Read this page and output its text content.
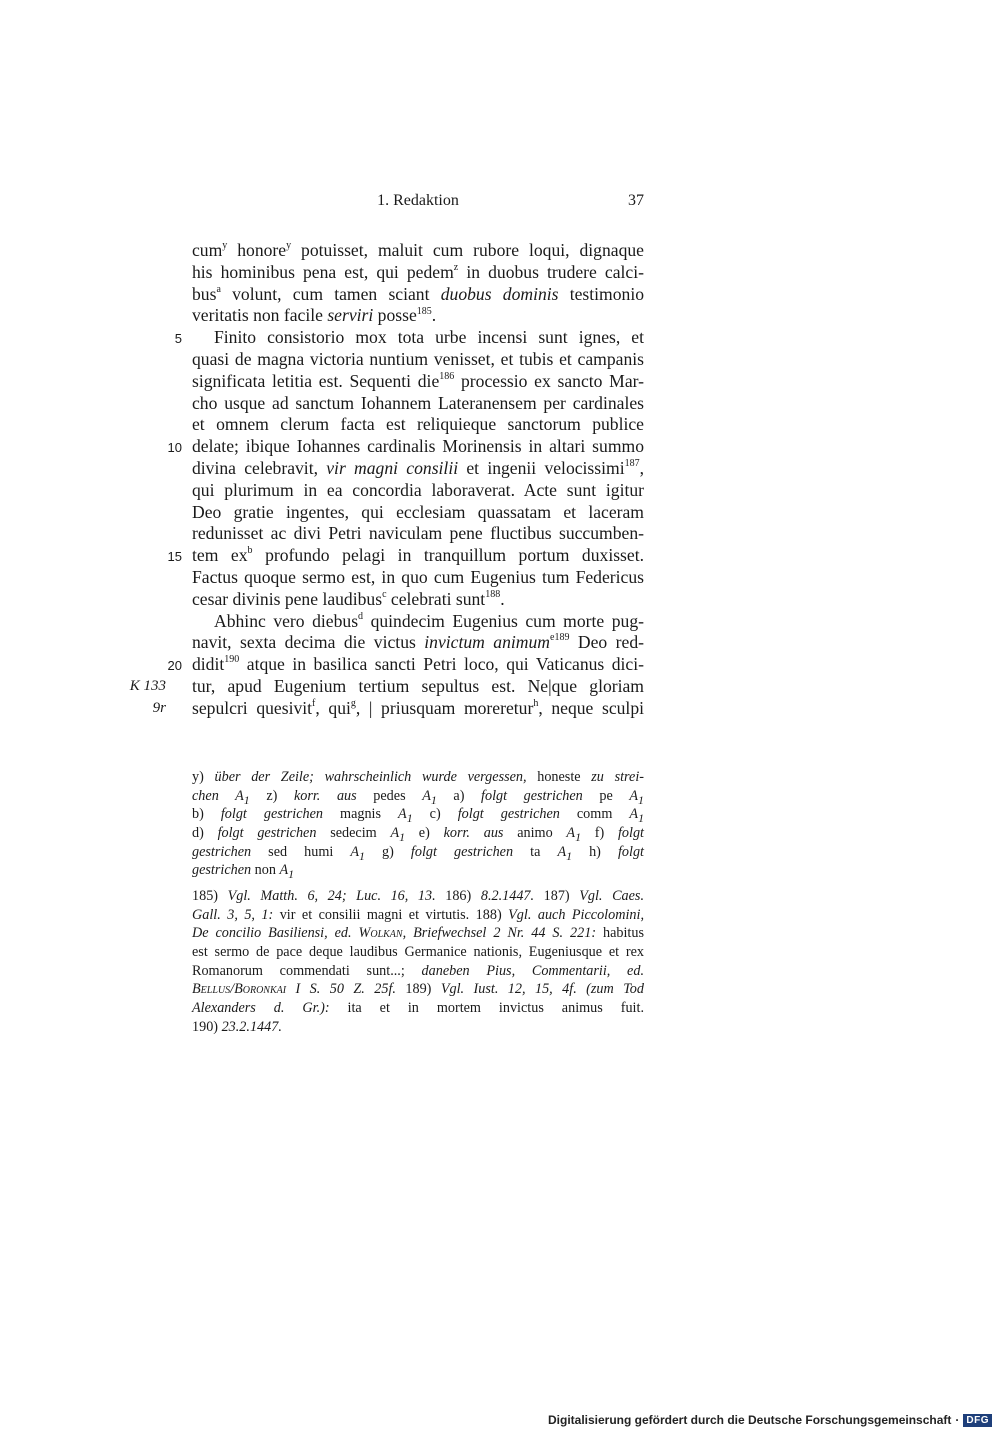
1. Redaktion	37
5
10
15
20
K 133
9r
cum$^y$ honore$^y$ potuisset, maluit cum rubore loqui, dignaque
his hominibus pena est, qui pedem$^z$ in duobus trudere calci-
bus$^a$ volunt, cum tamen sciant duobus dominis testimonio
veritatis non facile serviri posse$^{185}$.
Finito consistorio mox tota urbe incensi sunt ignes, et
quasi de magna victoria nuntium venisset, et tubis et campanis
significata letitia est. Sequenti die$^{186}$ processio ex sancto Mar-
cho usque ad sanctum Iohannem Lateranensem per cardinales
et omnem clerum facta est reliquieque sanctorum publice
delate; ibique Iohannes cardinalis Morinensis in altari summo
divina celebravit, vir magni consilii et ingenii velocissimi$^{187}$,
qui plurimum in ea concordia laboraverat. Acte sunt igitur
Deo gratie ingentes, qui ecclesiam quassatam et laceram
redunisset ac divi Petri naviculam pene fluctibus succumben-
tem $ex^b$ profundo pelagi in tranquillum portum duxisset.
Factus quoque sermo est, in quo cum Eugenius tum Federicus
cesar divinis pene laudibus$^c$ celebrati sunt$^{188}$.
Abhinc vero diebus$^d$ quindecim Eugenius cum morte pug-
navit, sexta decima die victus invictum animum$^{e189}$ Deo red-
didit$^{190}$ atque in basilica sancti Petri loco, qui Vaticanus dici-
tur, apud Eugenium tertium sepultus est. Ne|que gloriam
sepulcri quesivit$^f$, qui$^g$, | priusquam moreretur$^h$, neque sculpi
y) über der Zeile; wahrscheinlich wurde vergessen, honeste zu strei-
chen $A_1$ z) korr. aus pedes $A_1$ a) folgt gestrichen pe $A_1$
b) folgt gestrichen magnis $A_1$ c) folgt gestrichen comm $A_1$
d) folgt gestrichen sedecim $A_1$ e) korr. aus animo $A_1$ f) folgt
gestrichen sed humi $A_1$ g) folgt gestrichen ta $A_1$ h) folgt
gestrichen non $A_1$
185) Vgl. Matth. 6, 24; Luc. 16, 13. 186) 8.2.1447. 187) Vgl. Caes.
Gall. 3, 5, 1: vir et consilii magni et virtutis. 188) Vgl. auch Piccolomini,
De concilio Basiliensi, ed. Wolkan, Briefwechsel 2 Nr. 44 S. 221: habitus
est sermo de pace deque laudibus Germanice nationis, Eugeniusque et rex
Romanorum commendati sunt...; daneben Pius, Commentarii, ed.
Bellus/Boronkai I S. 50 Z. 25f. 189) Vgl. Iust. 12, 15, 4f. (zum Tod
Alexanders d. Gr.): ita et in mortem invictus animus fuit.
190) 23.2.1447.
Digitalisierung gefördert durch die Deutsche Forschungsgemeinschaft · DFG
